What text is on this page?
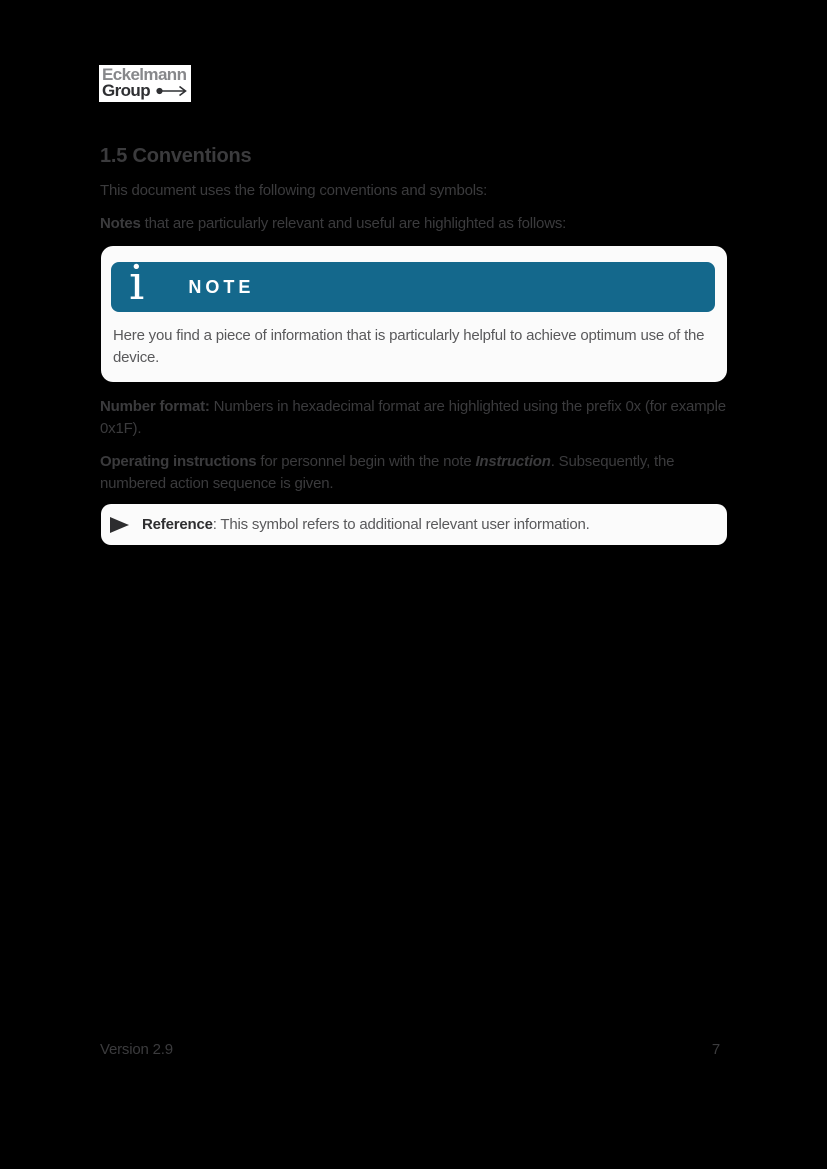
Eckelmann
Group
1.5 Conventions

This document uses the following conventions and symbols:

Notes that are particularly relevant and useful are highlighted as follows:

i NOTE

Here you find a piece of information that is particularly helpful to achieve optimum use of the device.

Number format: Numbers in hexadecimal format are highlighted using the prefix 0x (for example 0x1F).

Operating instructions for personnel begin with the note Instruction. Subsequently, the numbered action sequence is given.

Reference: This symbol refers to additional relevant user information.

Version 2.9	7
